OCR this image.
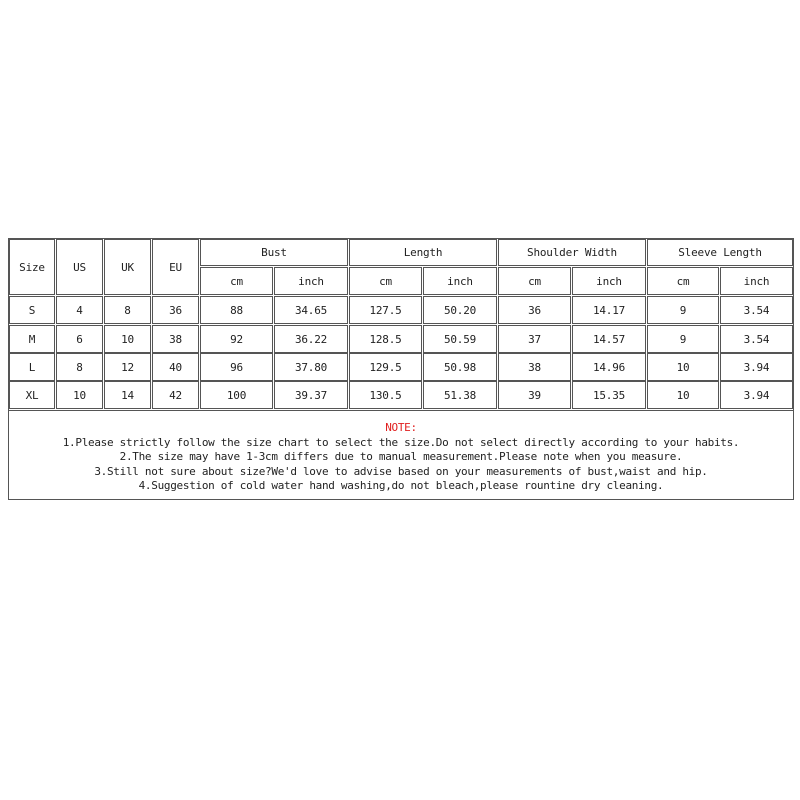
Size	US	UK	EU
Bust	Length	Shoulder Width	Sleeve Length
cm	inch	cm	inch	cm	inch	cm	inch
S	4	8	36	88	34.65	127.5	50.20	36	14.17	9	3.54
M	6	10	38	92	36.22	128.5	50.59	37	14.57	9	3.54
L	8	12	40	96	37.80	129.5	50.98	38	14.96	10	3.94
XL	10	14	42	100	39.37	130.5	51.38	39	15.35	10	3.94
NOTE:
1.Please strictly follow the size chart to select the size.Do not select directly according to your habits.
2.The size may have 1-3cm differs due to manual measurement.Please note when you measure.
3.Still not sure about size?We'd love to advise based on your measurements of bust,waist and hip.
4.Suggestion of cold water hand washing,do not bleach,please rountine dry cleaning.
